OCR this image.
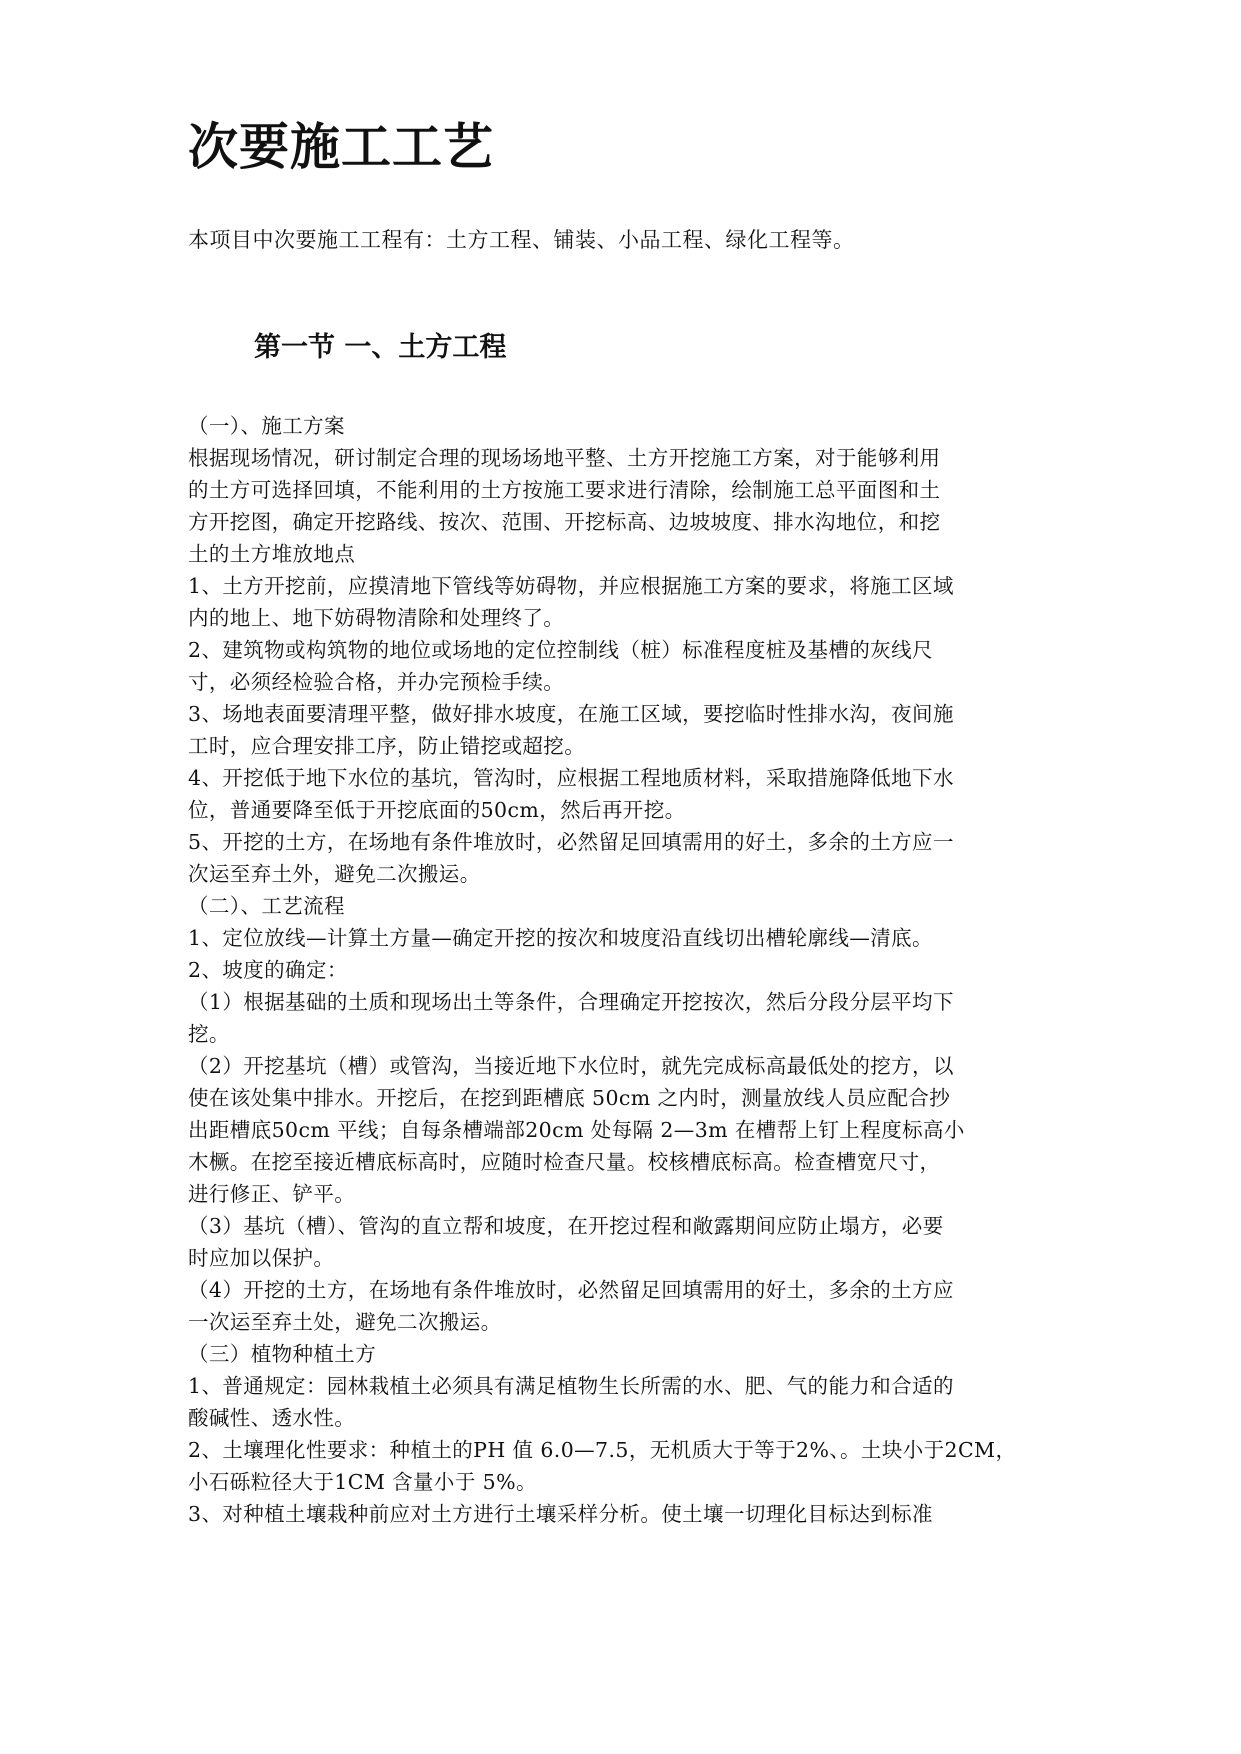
次要施工工艺
本项目中次要施工工程有：土方工程、铺装、小品工程、绿化工程等。
第一节 一、土方工程
（一）、施工方案
根据现场情况，研讨制定合理的现场场地平整、土方开挖施工方案，对于能够利用
的土方可选择回填，不能利用的土方按施工要求进行清除，绘制施工总平面图和土
方开挖图，确定开挖路线、按次、范围、开挖标高、边坡坡度、排水沟地位，和挖
土的土方堆放地点
1、土方开挖前，应摸清地下管线等妨碍物，并应根据施工方案的要求，将施工区域
内的地上、地下妨碍物清除和处理终了。
2、建筑物或构筑物的地位或场地的定位控制线（桩）标准程度桩及基槽的灰线尺
寸，必须经检验合格，并办完预检手续。
3、场地表面要清理平整，做好排水坡度，在施工区域，要挖临时性排水沟，夜间施
工时，应合理安排工序，防止错挖或超挖。
4、开挖低于地下水位的基坑，管沟时，应根据工程地质材料，采取措施降低地下水
位，普通要降至低于开挖底面的50cm，然后再开挖。
5、开挖的土方，在场地有条件堆放时，必然留足回填需用的好土，多余的土方应一
次运至弃土外，避免二次搬运。
（二）、工艺流程
1、定位放线—计算土方量—确定开挖的按次和坡度沿直线切出槽轮廓线—清底。
2、坡度的确定：
（1）根据基础的土质和现场出土等条件，合理确定开挖按次，然后分段分层平均下
挖。
（2）开挖基坑（槽）或管沟，当接近地下水位时，就先完成标高最低处的挖方，以
使在该处集中排水。开挖后，在挖到距槽底 50cm 之内时，测量放线人员应配合抄
出距槽底50cm 平线；自每条槽端部20cm 处每隔 2—3m 在槽帮上钉上程度标高小
木橛。在挖至接近槽底标高时，应随时检查尺量。校核槽底标高。检查槽宽尺寸，
进行修正、铲平。
（3）基坑（槽）、管沟的直立帮和坡度，在开挖过程和敞露期间应防止塌方，必要
时应加以保护。
（4）开挖的土方，在场地有条件堆放时，必然留足回填需用的好土，多余的土方应
一次运至弃土处，避免二次搬运。
（三）植物种植土方
1、普通规定：园林栽植土必须具有满足植物生长所需的水、肥、气的能力和合适的
酸碱性、透水性。
2、土壤理化性要求：种植土的PH 值 6.0—7.5，无机质大于等于2%、。土块小于2CM，
小石砾粒径大于1CM 含量小于 5%。
3、对种植土壤栽种前应对土方进行土壤采样分析。使土壤一切理化目标达到标准
